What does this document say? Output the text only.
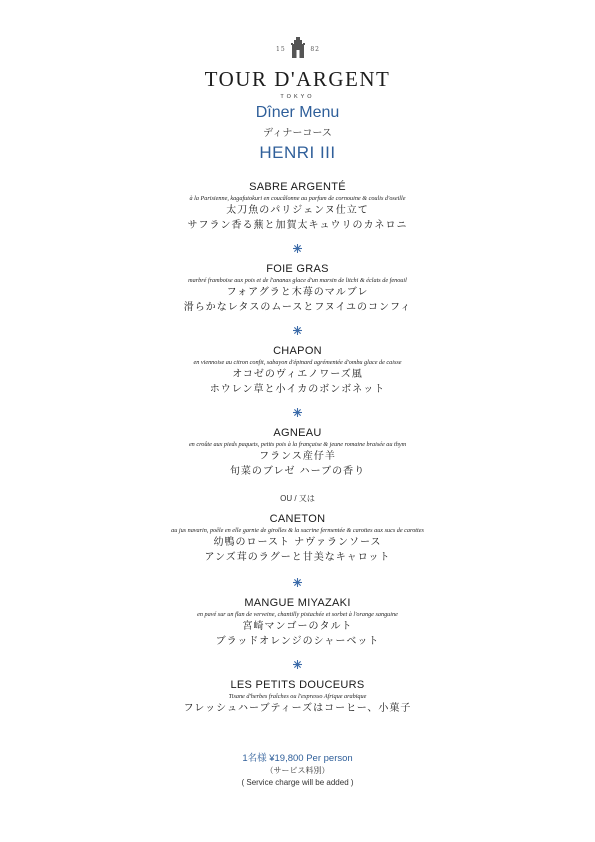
15	82
TOUR D'ARGENT
TOKYO
Dîner Menu
ディナーコース
HENRI III
SABRE ARGENTÉ
à la Parisienne, kagafutokuri en coucâlonne au parfum de cornouine & coulis d'oseille
太刀魚のパリジェンヌ仕立て
サフラン香る蕪と加賀太キュウリのカネロニ
FOIE GRAS
marbré framboise aux pois et de l'ananas glace d'un marsin de litchi & éclats de fenouil
フォアグラと木苺のマルブレ
滑らかなレタスのムースとフヌイユのコンフィ
CHAPON
en viennoise au citron confit, sabayon d'épinard agrémentée d'ombu glace de caisse
オコゼのヴィエノワーズ風
ホウレン草と小イカのボンボネット
AGNEAU
en croûte aux pieds paquets, petits pois à la française & jeune romaine braisée au thym
フランス産仔羊
旬菜のブレゼ ハーブの香り
OU / 又は
CANETON
au jus navarin, poêle en elle garnie de girolles & la sucrine fermentée & carottes aux sucs de carottes
幼鴨のロースト ナヴァランソース
アンズ茸のラグーと甘美なキャロット
MANGUE MIYAZAKI
en pavé sur un flan de verveine, chantilly pistachée et sorbet à l'orange sanguine
宮崎マンゴーのタルト
ブラッドオレンジのシャーベット
LES PETITS DOUCEURS
Tisane d'herbes fraîches ou l'expresso Afrique arabique
フレッシュハーブティーズはコーヒー、小菓子
1名様 ¥19,800 Per person
（サービス料別）
( Service charge will be added )
